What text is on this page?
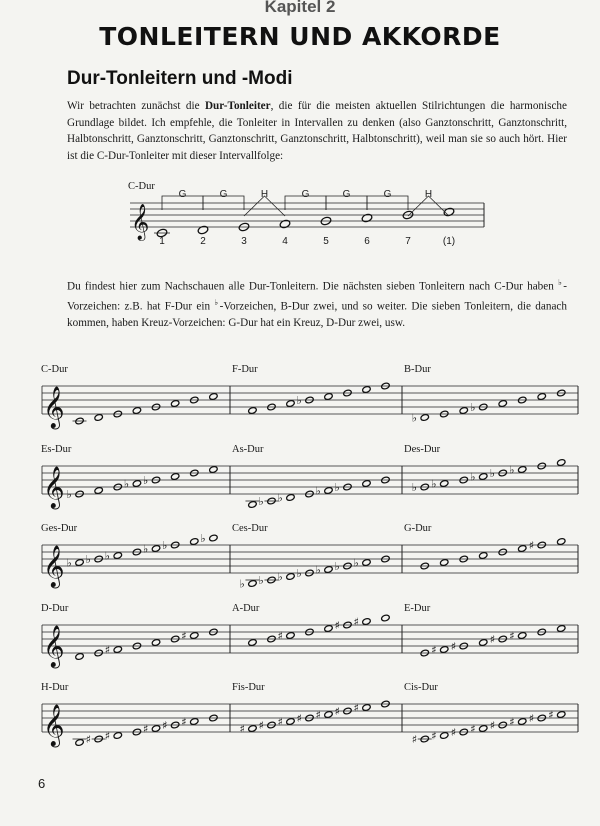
Kapitel 2
TONLEITERN UND AKKORDE
Dur-Tonleitern und -Modi
Wir betrachten zunächst die Dur-Tonleiter, die für die meisten aktuellen Stilrichtungen die harmonische Grundlage bildet. Ich empfehle, die Tonleiter in Intervallen zu denken (also Ganztonschritt, Ganztonschritt, Halbtonschritt, Ganztonschritt, Ganztonschritt, Ganztonschritt, Halbtonschritt), weil man sie so auch hört. Hier ist die C-Dur-Tonleiter mit dieser Intervallfolge:
C-Dur
G	G	H	G	G	G	H
1	2	3	4	5	6	7	(1)
Du findest hier zum Nachschauen alle Dur-Tonleitern. Die nächsten sieben Tonleitern nach C-Dur haben ♭-Vorzeichen: z.B. hat F-Dur ein ♭-Vorzeichen, B-Dur zwei, und so weiter. Die sieben Tonleitern, die danach kommen, haben Kreuz-Vorzeichen: G-Dur hat ein Kreuz, D-Dur zwei, usw.
C-Dur	F-Dur	B-Dur
Es-Dur	As-Dur	Des-Dur
Ges-Dur	Ces-Dur	G-Dur
D-Dur	A-Dur	E-Dur
H-Dur	Fis-Dur	Cis-Dur
𝄞
𝄞	♭
♭
♭
𝄞 ♭
♭ ♭
♭ ♭
♭ ♭	♭ ♭
♭ ♭ ♭
𝄞 ♭ ♭ ♭
♭ ♭
♭
♭ ♭ ♭ ♭ ♭ ♭ ♭
♯
𝄞	♯
♯	♯
♯ ♯
♯ ♯
♯ ♯
𝄞 ♯ ♯
♯ ♯ ♯
♯ ♯ ♯ ♯ ♯ ♯ ♯
♯ ♯ ♯ ♯ ♯ ♯ ♯ ♯
6
